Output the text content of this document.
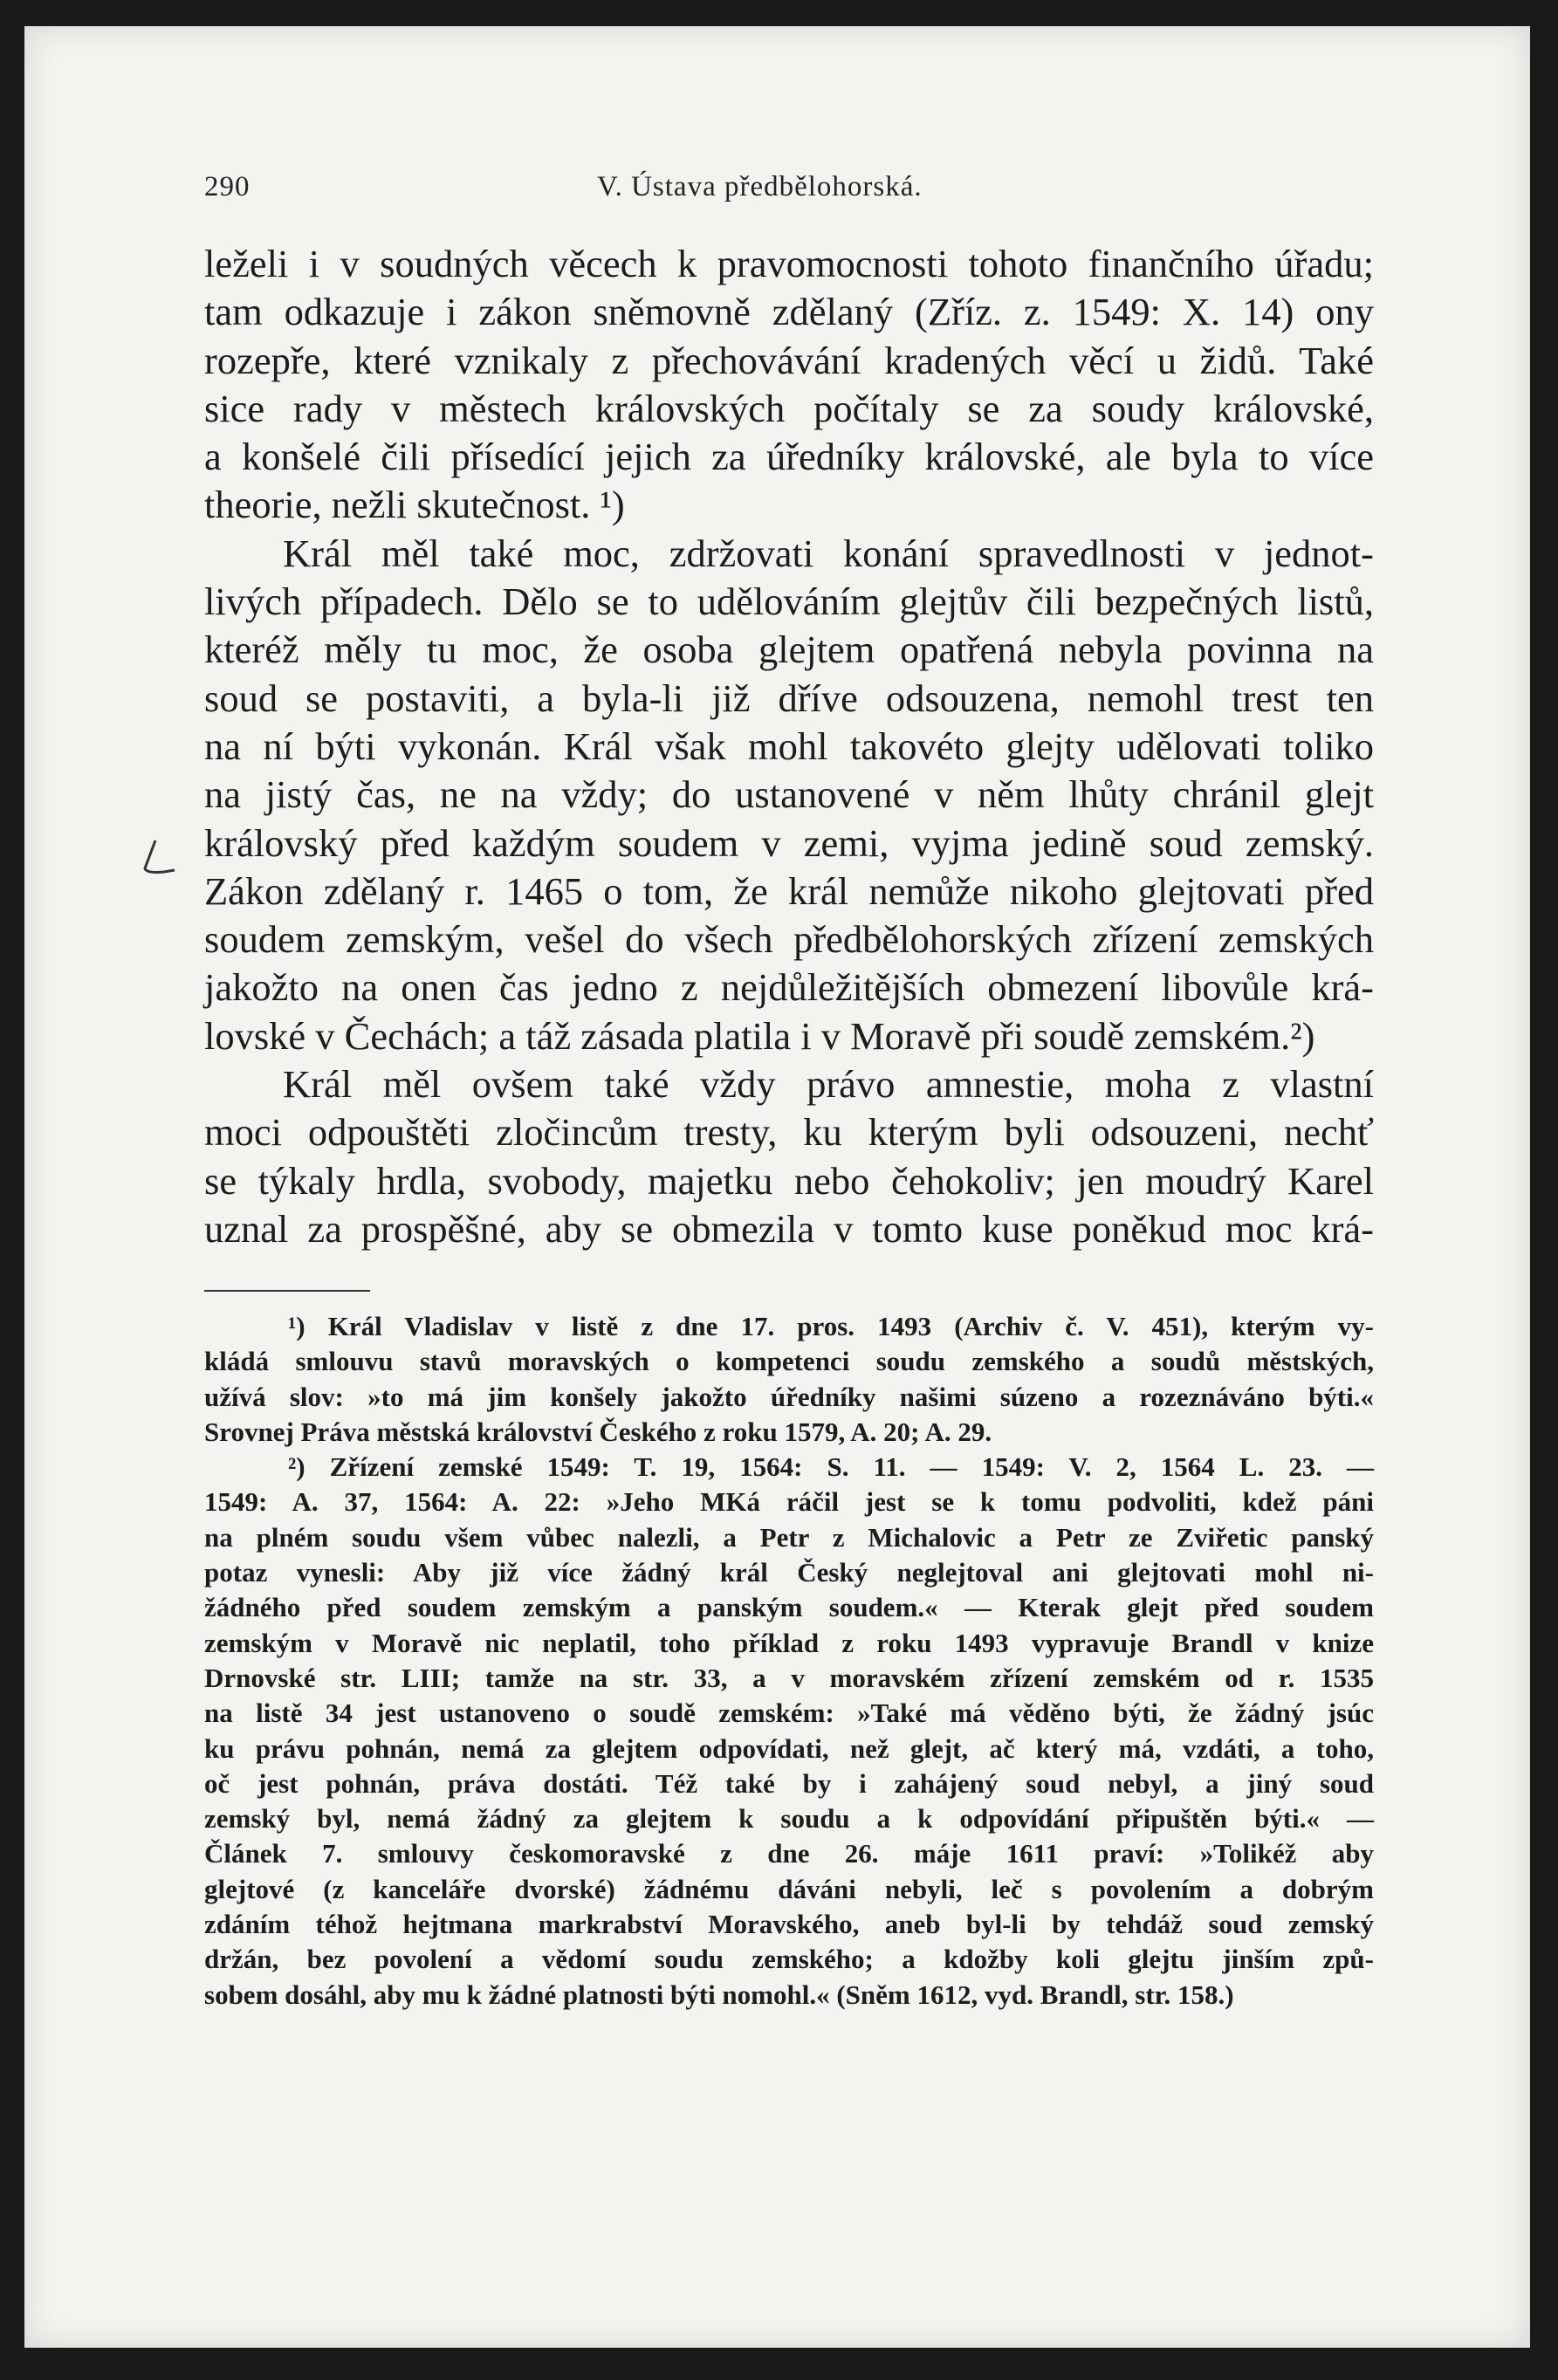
290	V. Ústava předbělohorská.
leželi i v soudných věcech k pravomocnosti tohoto finančního úřadu;
tam odkazuje i zákon sněmovně zdělaný (Zříz. z. 1549: X. 14) ony
rozepře, které vznikaly z přechovávání kradených věcí u židů. Také
sice rady v městech královských počítaly se za soudy královské,
a konšelé čili přísedící jejich za úředníky královské, ale byla to více
theorie, nežli skutečnost. ¹)
Král měl také moc, zdržovati konání spravedlnosti v jednot-
livých případech. Dělo se to udělováním glejtův čili bezpečných listů,
kteréž měly tu moc, že osoba glejtem opatřená nebyla povinna na
soud se postaviti, a byla-li již dříve odsouzena, nemohl trest ten
na ní býti vykonán. Král však mohl takovéto glejty udělovati toliko
na jistý čas, ne na vždy; do ustanovené v něm lhůty chránil glejt
královský před každým soudem v zemi, vyjma jedině soud zemský.
Zákon zdělaný r. 1465 o tom, že král nemůže nikoho glejtovati před
soudem zemským, vešel do všech předbělohorských zřízení zemských
jakožto na onen čas jedno z nejdůležitějších obmezení libovůle krá-
lovské v Čechách; a táž zásada platila i v Moravě při soudě zemském.²)
Král měl ovšem také vždy právo amnestie, moha z vlastní
moci odpouštěti zločincům tresty, ku kterým byli odsouzeni, nechť
se týkaly hrdla, svobody, majetku nebo čehokoliv; jen moudrý Karel
uznal za prospěšné, aby se obmezila v tomto kuse poněkud moc krá-
¹) Král Vladislav v listě z dne 17. pros. 1493 (Archiv č. V. 451), kterým vy-
kládá smlouvu stavů moravských o kompetenci soudu zemského a soudů městských,
užívá slov: »to má jim konšely jakožto úředníky našimi súzeno a rozeznáváno býti.«
Srovnej Práva městská království Českého z roku 1579, A. 20; A. 29.
²) Zřízení zemské 1549: T. 19, 1564: S. 11. — 1549: V. 2, 1564 L. 23. —
1549: A. 37, 1564: A. 22: »Jeho MKá ráčil jest se k tomu podvoliti, kdež páni
na plném soudu všem vůbec nalezli, a Petr z Michalovic a Petr ze Zviřetic panský
potaz vynesli: Aby již více žádný král Český neglejtoval ani glejtovati mohl ni-
žádného před soudem zemským a panským soudem.« — Kterak glejt před soudem
zemským v Moravě nic neplatil, toho příklad z roku 1493 vypravuje Brandl v knize
Drnovské str. LIII; tamže na str. 33, a v moravském zřízení zemském od r. 1535
na listě 34 jest ustanoveno o soudě zemském: »Také má věděno býti, že žádný jsúc
ku právu pohnán, nemá za glejtem odpovídati, než glejt, ač který má, vzdáti, a toho,
oč jest pohnán, práva dostáti. Též také by i zahájený soud nebyl, a jiný soud
zemský byl, nemá žádný za glejtem k soudu a k odpovídání připuštěn býti.« —
Článek 7. smlouvy českomoravské z dne 26. máje 1611 praví: »Tolikéž aby
glejtové (z kanceláře dvorské) žádnému dáváni nebyli, leč s povolením a dobrým
zdáním téhož hejtmana markrabství Moravského, aneb byl-li by tehdáž soud zemský
držán, bez povolení a vědomí soudu zemského; a kdožby koli glejtu jinším způ-
sobem dosáhl, aby mu k žádné platnosti býti nomohl.« (Sněm 1612, vyd. Brandl, str. 158.)
